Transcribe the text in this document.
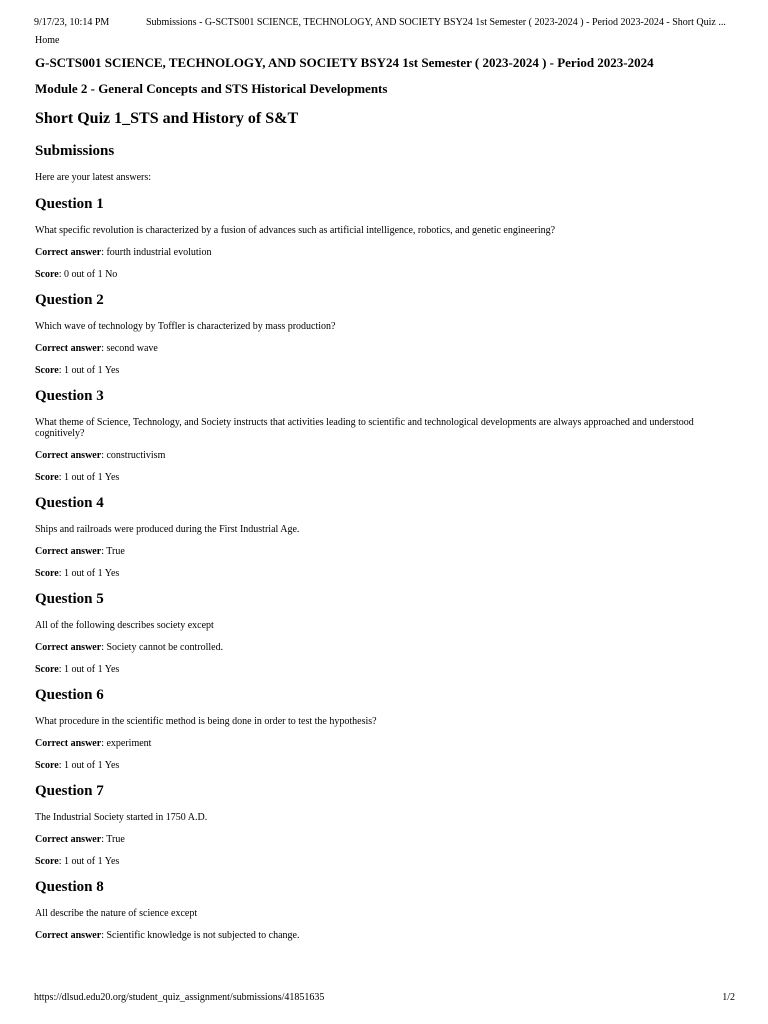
9/17/23, 10:14 PM	Submissions - G-SCTS001 SCIENCE, TECHNOLOGY, AND SOCIETY BSY24 1st Semester ( 2023-2024 ) - Period 2023-2024 - Short Quiz ...
Home
G-SCTS001 SCIENCE, TECHNOLOGY, AND SOCIETY BSY24 1st Semester ( 2023-2024 ) - Period 2023-2024
Module 2 - General Concepts and STS Historical Developments
Short Quiz 1_STS and History of S&T
Submissions
Here are your latest answers:
Question 1
What specific revolution is characterized by a fusion of advances such as artificial intelligence, robotics, and genetic engineering?
Correct answer: fourth industrial evolution
Score: 0 out of 1 No
Question 2
Which wave of technology by Toffler is characterized by mass production?
Correct answer: second wave
Score: 1 out of 1 Yes
Question 3
What theme of Science, Technology, and Society instructs that activities leading to scientific and technological developments are always approached and understood cognitively?
Correct answer: constructivism
Score: 1 out of 1 Yes
Question 4
Ships and railroads were produced during the First Industrial Age.
Correct answer: True
Score: 1 out of 1 Yes
Question 5
All of the following describes society except
Correct answer: Society cannot be controlled.
Score: 1 out of 1 Yes
Question 6
What procedure in the scientific method is being done in order to test the hypothesis?
Correct answer: experiment
Score: 1 out of 1 Yes
Question 7
The Industrial Society started in 1750 A.D.
Correct answer: True
Score: 1 out of 1 Yes
Question 8
All describe the nature of science except
Correct answer: Scientific knowledge is not subjected to change.
https://dlsud.edu20.org/student_quiz_assignment/submissions/41851635	1/2
